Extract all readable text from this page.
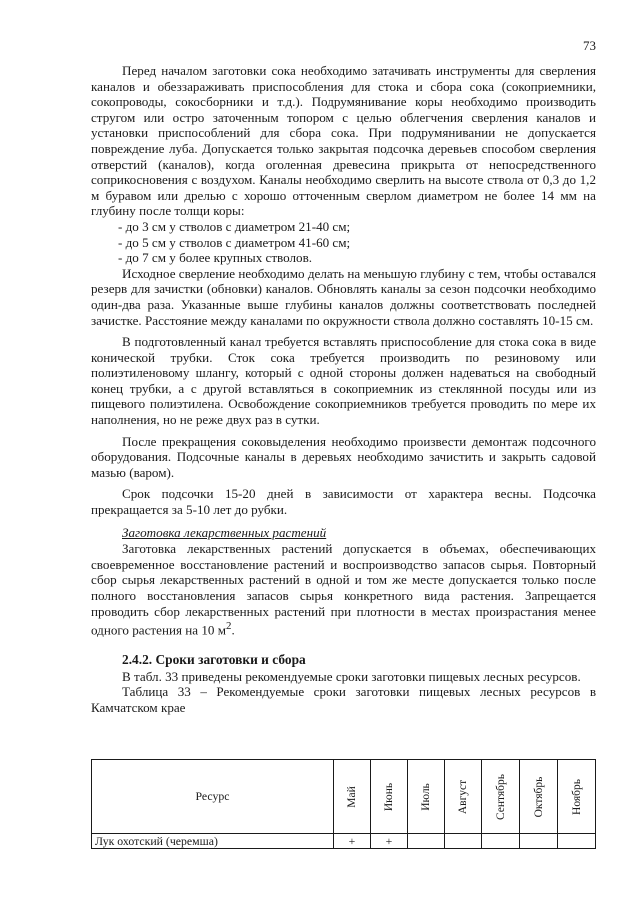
73

Перед началом заготовки сока необходимо затачивать инструменты для сверления каналов и обеззараживать приспособления для стока и сбора сока (сокоприемники, сокопроводы, сокосборники и т.д.). Подрумянивание коры необходимо производить стругом или остро заточенным топором с целью облегчения сверления каналов и установки приспособлений для сбора сока. При подрумянивании не допускается повреждение луба. Допускается только закрытая подсочка деревьев способом сверления отверстий (каналов), когда оголенная древесина прикрыта от непосредственного соприкосновения с воздухом. Каналы необходимо сверлить на высоте ствола от 0,3 до 1,2 м буравом или дрелью с хорошо отточенным сверлом диаметром не более 14 мм на глубину после толщи коры:

- до 3 см у стволов с диаметром 21-40 см;
- до 5 см у стволов с диаметром 41-60 см;
- до 7 см у более крупных стволов.

Исходное сверление необходимо делать на меньшую глубину с тем, чтобы оставался резерв для зачистки (обновки) каналов. Обновлять каналы за сезон подсочки необходимо один-два раза. Указанные выше глубины каналов должны соответствовать последней зачистке. Расстояние между каналами по окружности ствола должно составлять 10-15 см.

В подготовленный канал требуется вставлять приспособление для стока сока в виде конической трубки. Сток сока требуется производить по резиновому или полиэтиленовому шлангу, который с одной стороны должен надеваться на свободный конец трубки, а с другой вставляться в сокоприемник из стеклянной посуды или из пищевого полиэтилена. Освобождение сокоприемников требуется проводить по мере их наполнения, но не реже двух раз в сутки.

После прекращения соковыделения необходимо произвести демонтаж подсочного оборудования. Подсочные каналы в деревьях необходимо зачистить и закрыть садовой мазью (варом).

Срок подсочки 15-20 дней в зависимости от характера весны. Подсочка прекращается за 5-10 лет до рубки.

Заготовка лекарственных растений

Заготовка лекарственных растений допускается в объемах, обеспечивающих своевременное восстановление растений и воспроизводство запасов сырья. Повторный сбор сырья лекарственных растений в одной и том же месте допускается только после полного восстановления запасов сырья конкретного вида растения. Запрещается проводить сбор лекарственных растений при плотности в местах произрастания менее одного растения на 10 $м^2$.

2.4.2. Сроки заготовки и сбора

В табл. 33 приведены рекомендуемые сроки заготовки пищевых лесных ресурсов.

Таблица 33 – Рекомендуемые сроки заготовки пищевых лесных ресурсов в Камчатском крае

Ресурс	Май	Июнь	Июль	Август	Сентябрь	Октябрь	Ноябрь

Лук охотский (черемша)	+	+					
